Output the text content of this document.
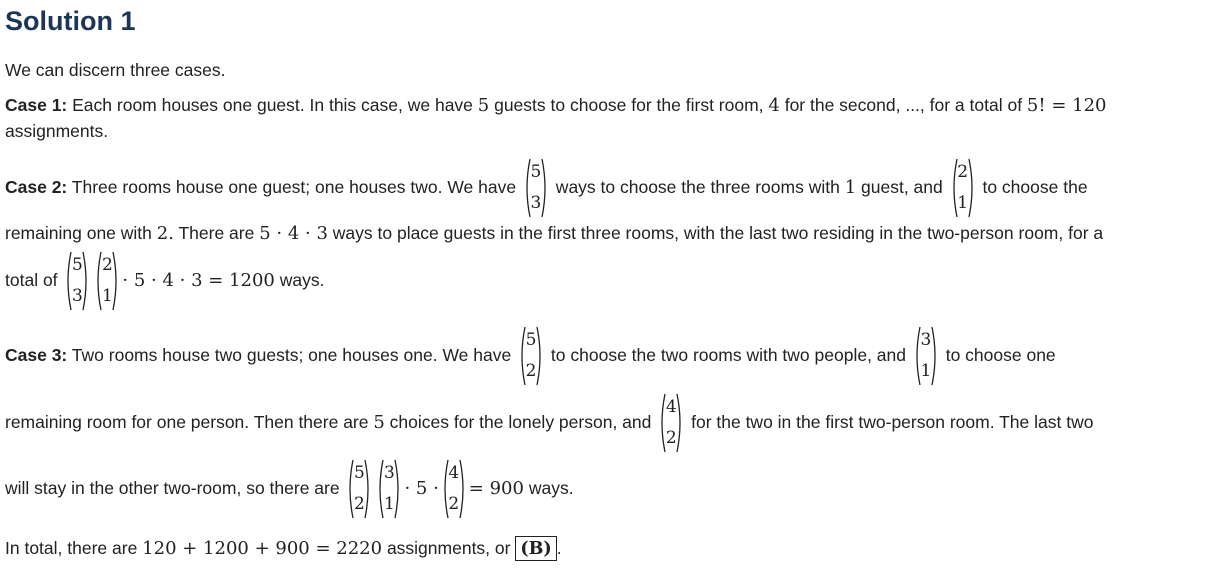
Solution 1
We can discern three cases.
Case 1: Each room houses one guest. In this case, we have 5 guests to choose for the first room, 4 for the second, ..., for a total of 5! = 120
assignments.
Case 2: Three rooms house one guest; one houses two. We have
5
3
ways to choose the three rooms with 1 guest, and
2
1
to choose the
remaining one with 2. There are 5 · 4 · 3 ways to place guests in the first three rooms, with the last two residing in the two-person room, for a
total of
5
3
2
1
· 5 · 4 · 3 = 1200 ways.
Case 3: Two rooms house two guests; one houses one. We have
5
2
to choose the two rooms with two people, and
3
1
to choose one
remaining room for one person. Then there are 5 choices for the lonely person, and
4
2
for the two in the first two-person room. The last two
will stay in the other two-room, so there are
5
2
3
1
· 5 ·
4
2
= 900 ways.
In total, there are 120 + 1200 + 900 = 2220 assignments, or (B) .
